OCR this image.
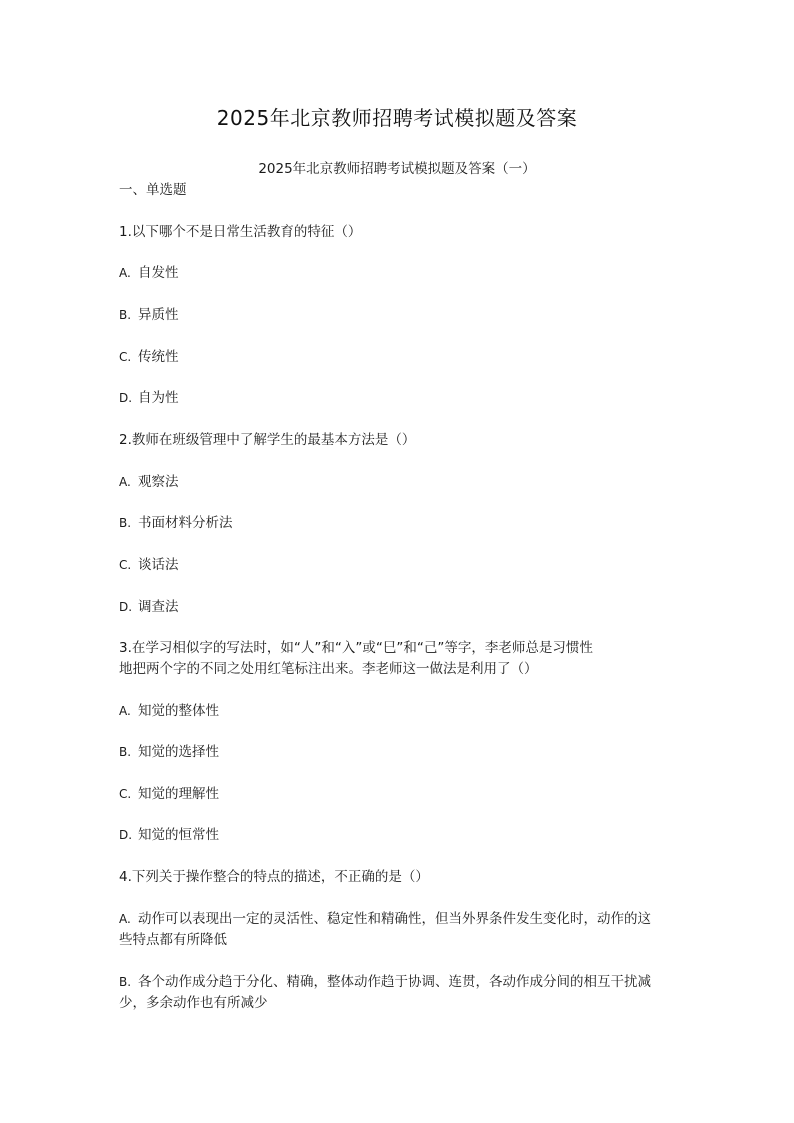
2025年北京教师招聘考试模拟题及答案
2025年北京教师招聘考试模拟题及答案（一）
一、单选题
1.以下哪个不是日常生活教育的特征（）
A. 自发性
B. 异质性
C. 传统性
D. 自为性
2.教师在班级管理中了解学生的最基本方法是（）
A. 观察法
B. 书面材料分析法
C. 谈话法
D. 调查法
3.在学习相似字的写法时，如“人”和“入”或“巳”和“己”等字，李老师总是习惯性
地把两个字的不同之处用红笔标注出来。李老师这一做法是利用了（）
A. 知觉的整体性
B. 知觉的选择性
C. 知觉的理解性
D. 知觉的恒常性
4.下列关于操作整合的特点的描述，不正确的是（）
A. 动作可以表现出一定的灵活性、稳定性和精确性，但当外界条件发生变化时，动作的这
些特点都有所降低
B. 各个动作成分趋于分化、精确，整体动作趋于协调、连贯，各动作成分间的相互干扰减
少，多余动作也有所减少
